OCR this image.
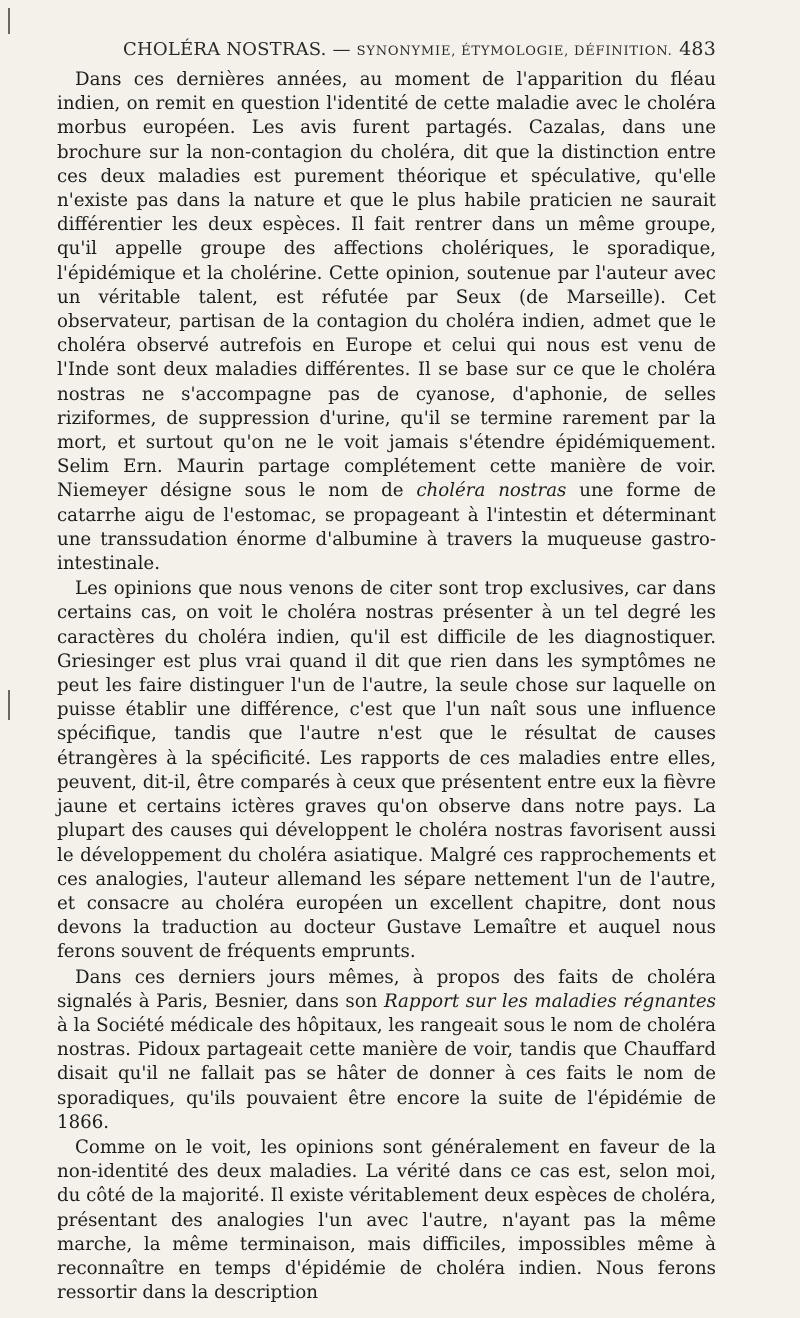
CHOLÉRA NOSTRAS. — SYNONYMIE, ÉTYMOLOGIE, DÉFINITION. 483

Dans ces dernières années, au moment de l'apparition du fléau indien, on remit en question l'identité de cette maladie avec le choléra morbus européen. Les avis furent partagés. Cazalas, dans une brochure sur la non-contagion du choléra, dit que la distinction entre ces deux maladies est purement théorique et spéculative, qu'elle n'existe pas dans la nature et que le plus habile praticien ne saurait différentier les deux espèces. Il fait rentrer dans un même groupe, qu'il appelle groupe des affections cholériques, le sporadique, l'épidémique et la cholérine. Cette opinion, soutenue par l'auteur avec un véritable talent, est réfutée par Seux (de Marseille). Cet observateur, partisan de la contagion du choléra indien, admet que le choléra observé autrefois en Europe et celui qui nous est venu de l'Inde sont deux maladies différentes. Il se base sur ce que le choléra nostras ne s'accompagne pas de cyanose, d'aphonie, de selles riziformes, de suppression d'urine, qu'il se termine rarement par la mort, et surtout qu'on ne le voit jamais s'étendre épidémiquement. Selim Ern. Maurin partage complétement cette manière de voir. Niemeyer désigne sous le nom de choléra nostras une forme de catarrhe aigu de l'estomac, se propageant à l'intestin et déterminant une transsudation énorme d'albumine à travers la muqueuse gastro-intestinale.

Les opinions que nous venons de citer sont trop exclusives, car dans certains cas, on voit le choléra nostras présenter à un tel degré les caractères du choléra indien, qu'il est difficile de les diagnostiquer. Griesinger est plus vrai quand il dit que rien dans les symptômes ne peut les faire distinguer l'un de l'autre, la seule chose sur laquelle on puisse établir une différence, c'est que l'un naît sous une influence spécifique, tandis que l'autre n'est que le résultat de causes étrangères à la spécificité. Les rapports de ces maladies entre elles, peuvent, dit-il, être comparés à ceux que présentent entre eux la fièvre jaune et certains ictères graves qu'on observe dans notre pays. La plupart des causes qui développent le choléra nostras favorisent aussi le développement du choléra asiatique. Malgré ces rapprochements et ces analogies, l'auteur allemand les sépare nettement l'un de l'autre, et consacre au choléra européen un excellent chapitre, dont nous devons la traduction au docteur Gustave Lemaître et auquel nous ferons souvent de fréquents emprunts.

Dans ces derniers jours mêmes, à propos des faits de choléra signalés à Paris, Besnier, dans son Rapport sur les maladies régnantes à la Société médicale des hôpitaux, les rangeait sous le nom de choléra nostras. Pidoux partageait cette manière de voir, tandis que Chauffard disait qu'il ne fallait pas se hâter de donner à ces faits le nom de sporadiques, qu'ils pouvaient être encore la suite de l'épidémie de 1866.

Comme on le voit, les opinions sont généralement en faveur de la non-identité des deux maladies. La vérité dans ce cas est, selon moi, du côté de la majorité. Il existe véritablement deux espèces de choléra, présentant des analogies l'un avec l'autre, n'ayant pas la même marche, la même terminaison, mais difficiles, impossibles même à reconnaître en temps d'épidémie de choléra indien. Nous ferons ressortir dans la description
